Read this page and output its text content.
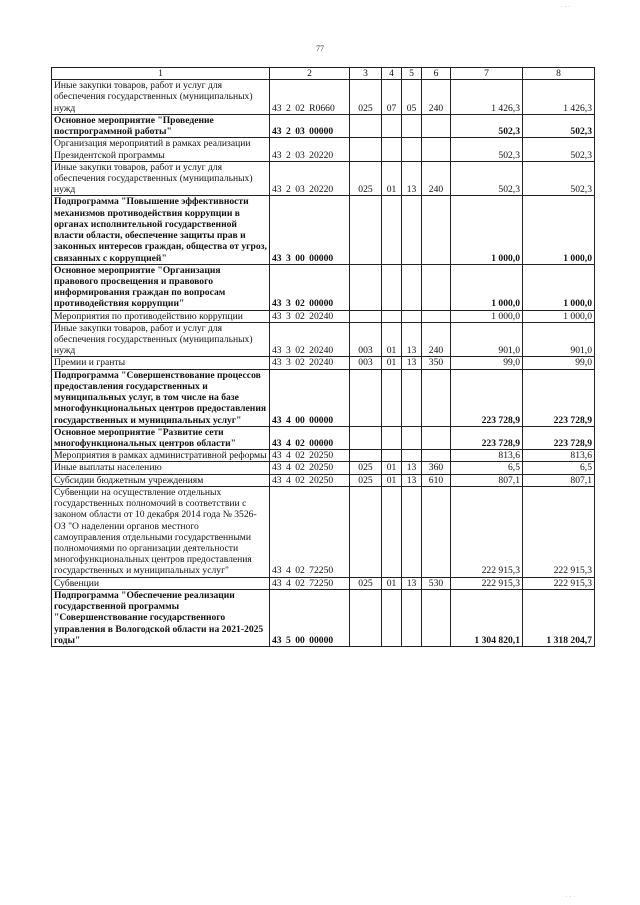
77
· · ·
· · ·
1	2	3	4	5	6	7	8
Иные закупки товаров, работ и услуг для обеспечения государственных (муниципальных) нужд	43 2 02 R0660	025	07	05	240	1 426,3	1 426,3
Основное мероприятие "Проведение постпрограммной работы"	43 2 03 00000					502,3	502,3
Организация мероприятий в рамках реализации Президентской программы	43 2 03 20220					502,3	502,3
Иные закупки товаров, работ и услуг для обеспечения государственных (муниципальных) нужд	43 2 03 20220	025	01	13	240	502,3	502,3
Подпрограмма "Повышение эффективности механизмов противодействия коррупции в органах исполнительной государственной власти области, обеспечение защиты прав и законных интересов граждан, общества от угроз, связанных с коррупцией"	43 3 00 00000					1 000,0	1 000,0
Основное мероприятие "Организация правового просвещения и правового информирования граждан по вопросам противодействия коррупции"	43 3 02 00000					1 000,0	1 000,0
Мероприятия по противодействию коррупции	43 3 02 20240					1 000,0	1 000,0
Иные закупки товаров, работ и услуг для обеспечения государственных (муниципальных) нужд	43 3 02 20240	003	01	13	240	901,0	901,0
Премии и гранты	43 3 02 20240	003	01	13	350	99,0	99,0
Подпрограмма "Совершенствование процессов предоставления государственных и муниципальных услуг, в том числе на базе многофункциональных центров предоставления государственных и муниципальных услуг"	43 4 00 00000					223 728,9	223 728,9
Основное мероприятие "Развитие сети многофункциональных центров области"	43 4 02 00000					223 728,9	223 728,9
Мероприятия в рамках административной реформы	43 4 02 20250					813,6	813,6
Иные выплаты населению	43 4 02 20250	025	01	13	360	6,5	6,5
Субсидии бюджетным учреждениям	43 4 02 20250	025	01	13	610	807,1	807,1
Субвенции на осуществление отдельных государственных полномочий в соответствии с законом области от 10 декабря 2014 года № 3526-ОЗ "О наделении органов местного самоуправления отдельными государственными полномочиями по организации деятельности многофункциональных центров предоставления государственных и муниципальных услуг"	43 4 02 72250					222 915,3	222 915,3
Субвенции	43 4 02 72250	025	01	13	530	222 915,3	222 915,3
Подпрограмма "Обеспечение реализации государственной программы "Совершенствование государственного управления в Вологодской области на 2021-2025 годы"	43 5 00 00000					1 304 820,1	1 318 204,7
